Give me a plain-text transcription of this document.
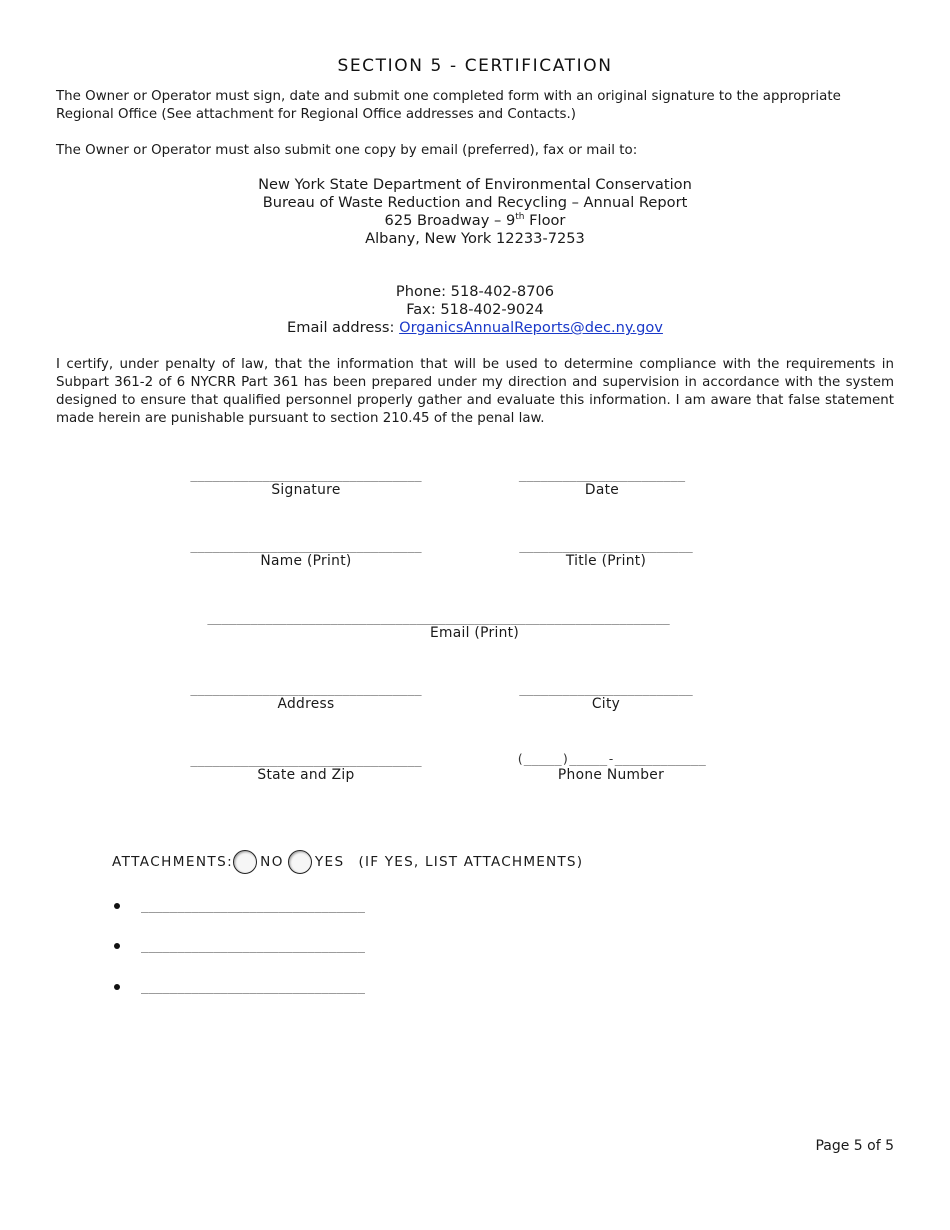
SECTION 5 - CERTIFICATION
The Owner or Operator must sign, date and submit one completed form with an original signature to the appropriate Regional Office (See attachment for Regional Office addresses and Contacts.)
The Owner or Operator must also submit one copy by email (preferred), fax or mail to:
New York State Department of Environmental Conservation
Bureau of Waste Reduction and Recycling – Annual Report
625 Broadway – 9th Floor
Albany, New York 12233-7253
Phone: 518-402-8706
Fax: 518-402-9024
Email address: OrganicsAnnualReports@dec.ny.gov
I certify, under penalty of law, that the information that will be used to determine compliance with the requirements in Subpart 361-2 of 6 NYCRR Part 361 has been prepared under my direction and supervision in accordance with the system designed to ensure that qualified personnel properly gather and evaluate this information. I am aware that false statement made herein are punishable pursuant to section 210.45 of the penal law.
________________________________
Signature
_______________________
Date
________________________________
Name (Print)
________________________
Title (Print)
________________________________________________________________
Email (Print)
________________________________
Address
________________________
City
________________________________
State and Zip
(_____)_____-____________
Phone Number
ATTACHMENTS: NO YES (IF YES, LIST ATTACHMENTS)
_______________________________
_______________________________
_______________________________
Page 5 of 5
